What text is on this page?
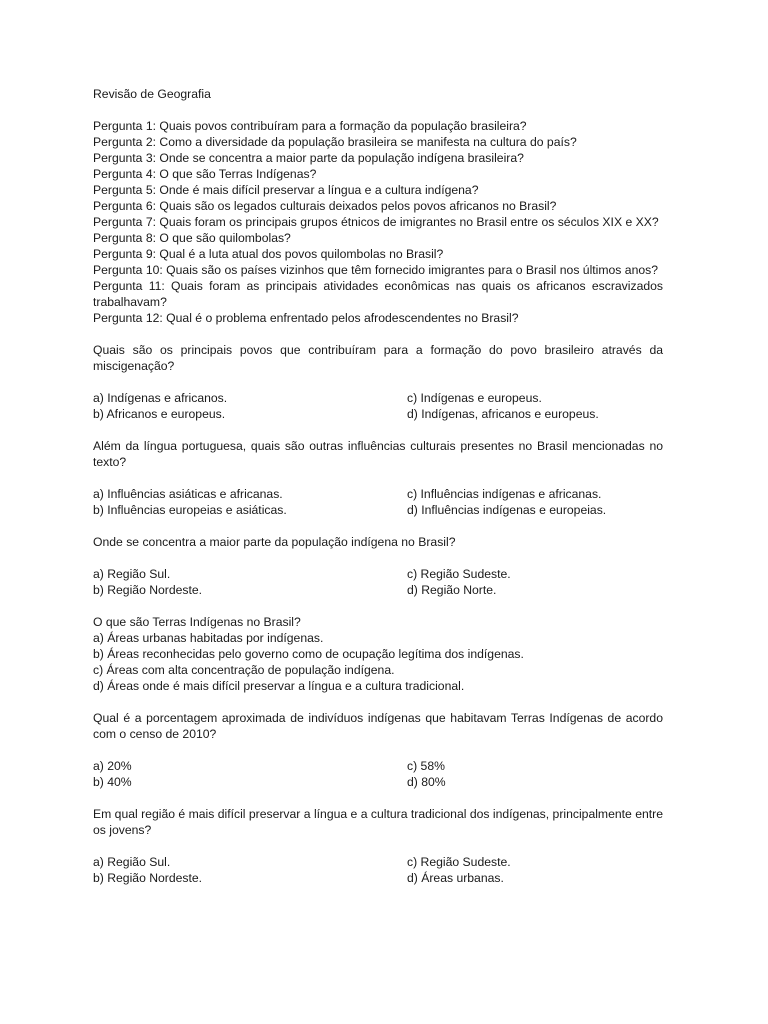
Revisão de Geografia
Pergunta 1: Quais povos contribuíram para a formação da população brasileira?
Pergunta 2: Como a diversidade da população brasileira se manifesta na cultura do país?
Pergunta 3: Onde se concentra a maior parte da população indígena brasileira?
Pergunta 4: O que são Terras Indígenas?
Pergunta 5: Onde é mais difícil preservar a língua e a cultura indígena?
Pergunta 6: Quais são os legados culturais deixados pelos povos africanos no Brasil?
Pergunta 7: Quais foram os principais grupos étnicos de imigrantes no Brasil entre os séculos XIX e XX?
Pergunta 8: O que são quilombolas?
Pergunta 9: Qual é a luta atual dos povos quilombolas no Brasil?
Pergunta 10: Quais são os países vizinhos que têm fornecido imigrantes para o Brasil nos últimos anos?
Pergunta 11: Quais foram as principais atividades econômicas nas quais os africanos escravizados trabalhavam?
Pergunta 12: Qual é o problema enfrentado pelos afrodescendentes no Brasil?
Quais são os principais povos que contribuíram para a formação do povo brasileiro através da miscigenação?
a) Indígenas e africanos.	c) Indígenas e europeus.
b) Africanos e europeus.	d) Indígenas, africanos e europeus.
Além da língua portuguesa, quais são outras influências culturais presentes no Brasil mencionadas no texto?
a) Influências asiáticas e africanas.	c) Influências indígenas e africanas.
b) Influências europeias e asiáticas.	d) Influências indígenas e europeias.
Onde se concentra a maior parte da população indígena no Brasil?
a) Região Sul.	c) Região Sudeste.
b) Região Nordeste.	d) Região Norte.
O que são Terras Indígenas no Brasil?
a) Áreas urbanas habitadas por indígenas.
b) Áreas reconhecidas pelo governo como de ocupação legítima dos indígenas.
c) Áreas com alta concentração de população indígena.
d) Áreas onde é mais difícil preservar a língua e a cultura tradicional.
Qual é a porcentagem aproximada de indivíduos indígenas que habitavam Terras Indígenas de acordo com o censo de 2010?
a) 20%	c) 58%
b) 40%	d) 80%
Em qual região é mais difícil preservar a língua e a cultura tradicional dos indígenas, principalmente entre os jovens?
a) Região Sul.	c) Região Sudeste.
b) Região Nordeste.	d) Áreas urbanas.
